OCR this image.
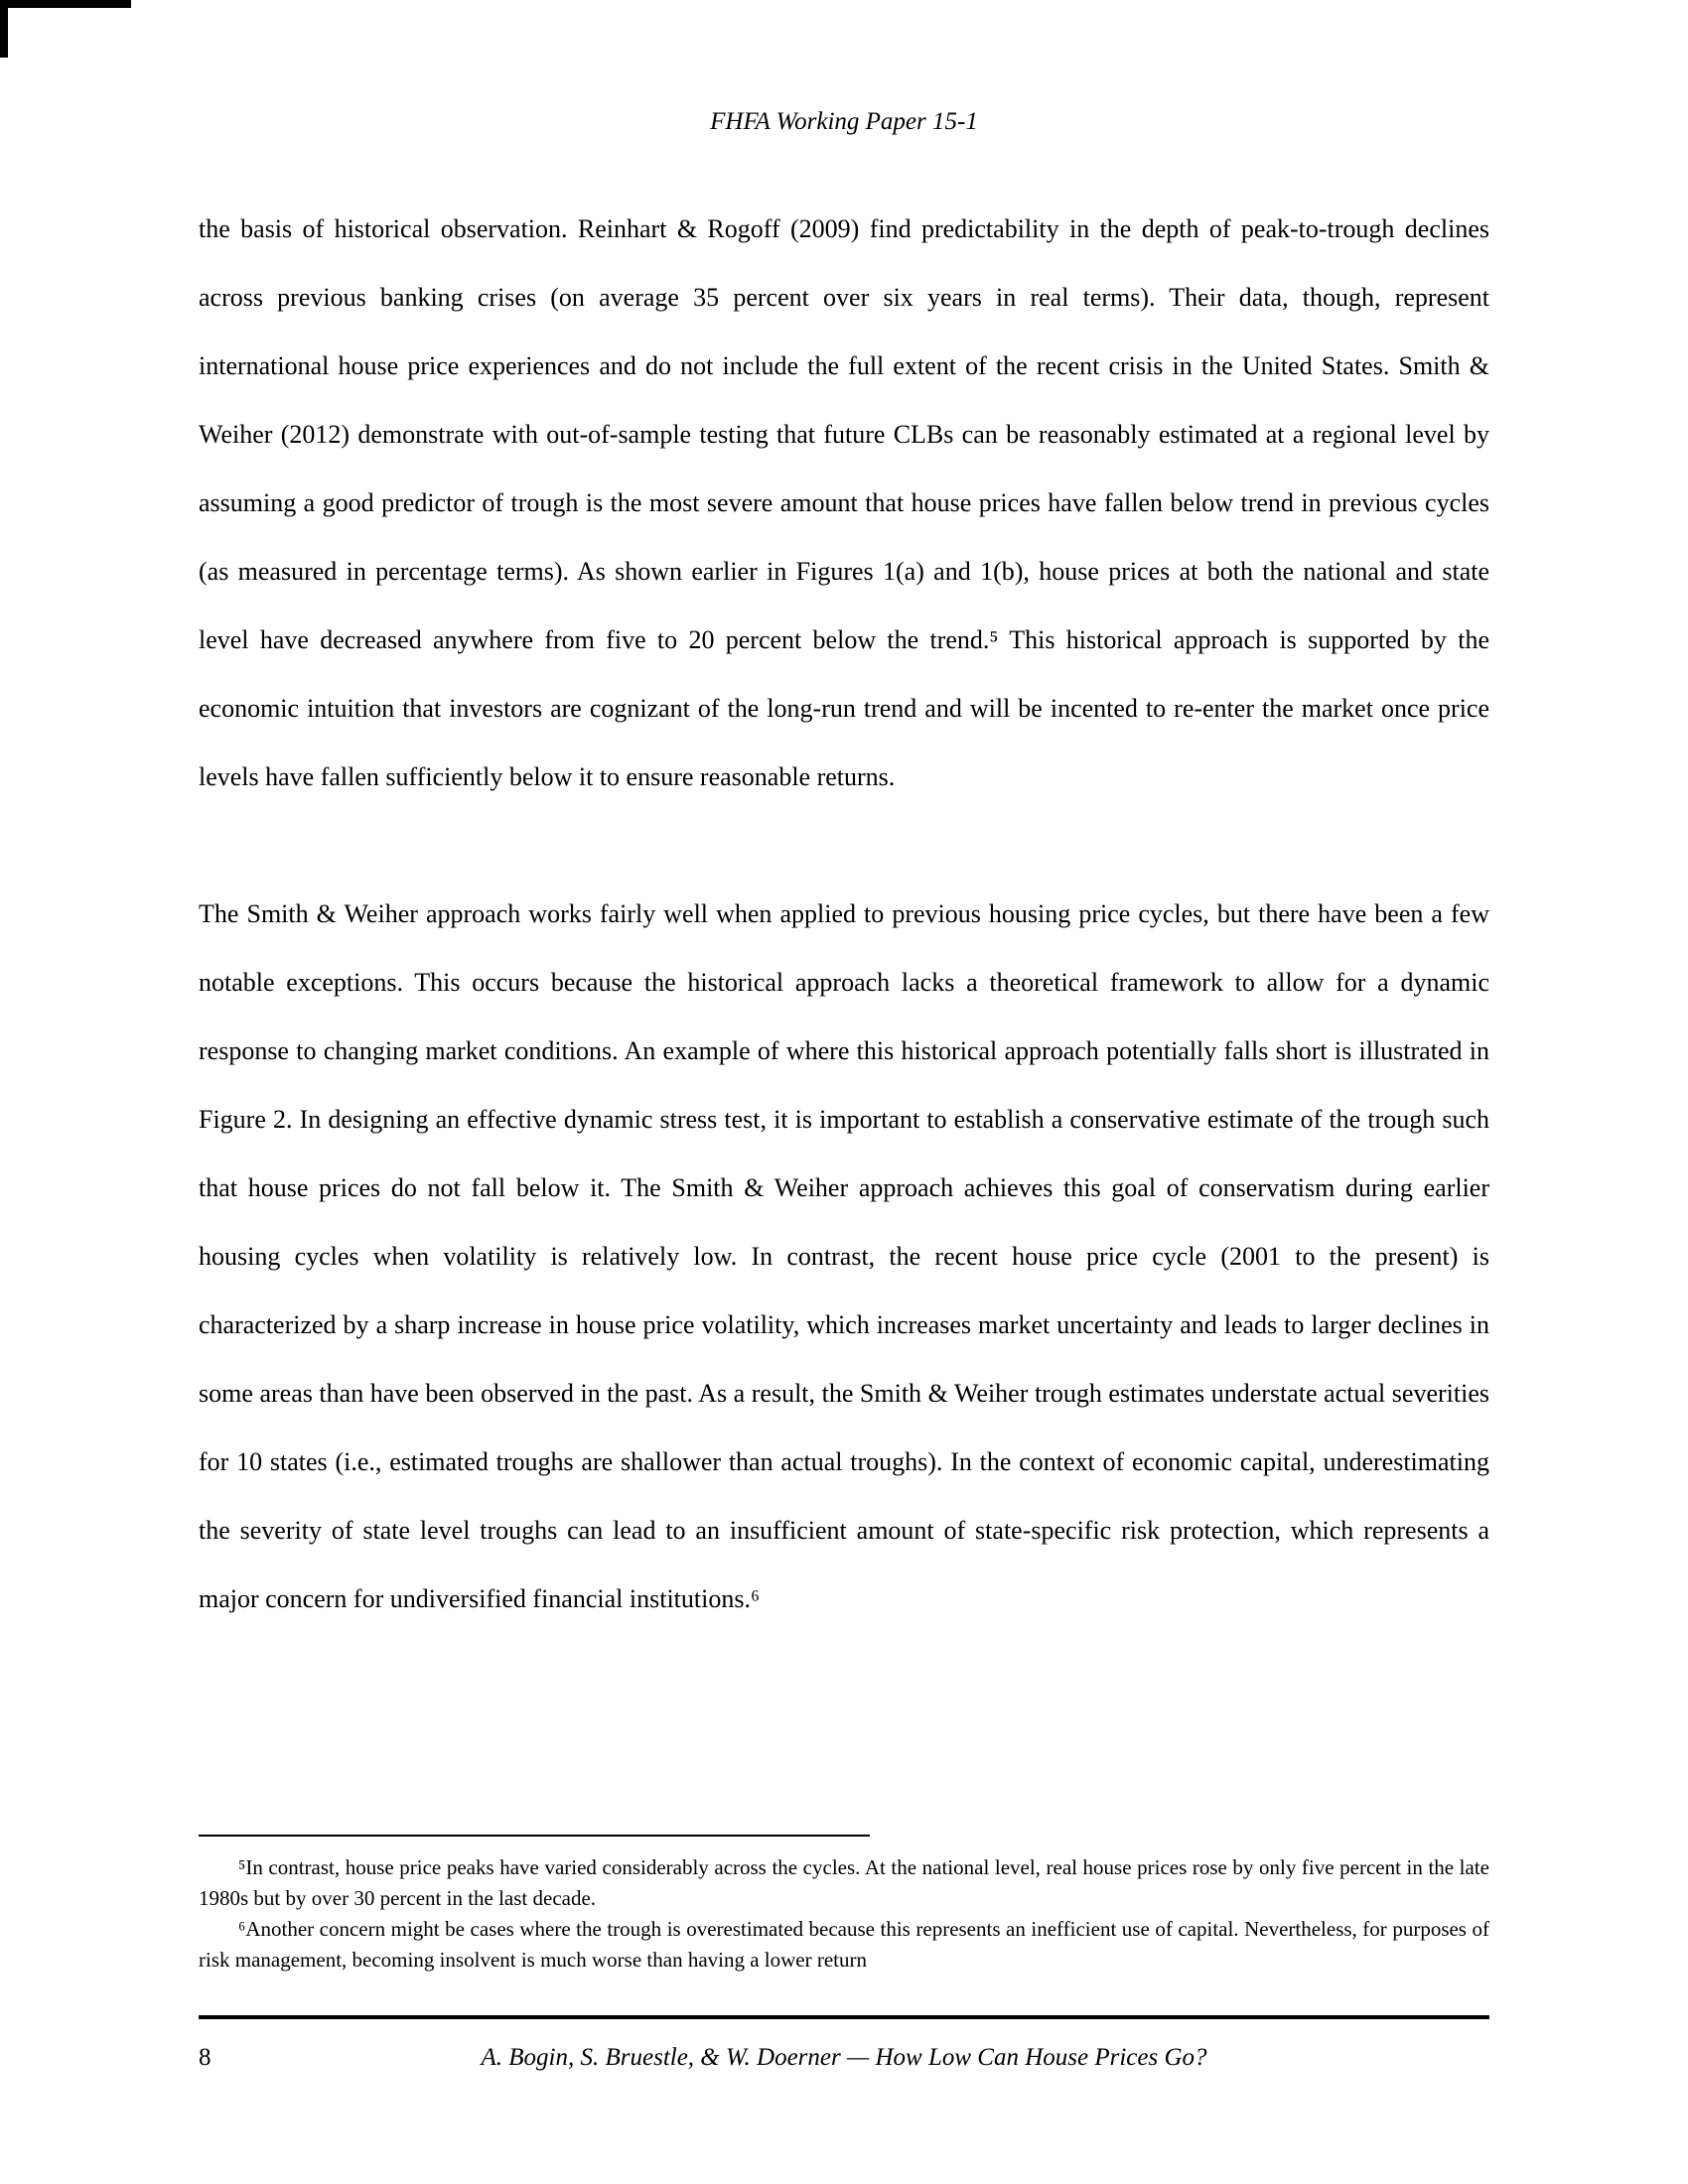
FHFA Working Paper 15-1

the basis of historical observation. Reinhart & Rogoff (2009) find predictability in the depth of peak-to-trough declines across previous banking crises (on average 35 percent over six years in real terms). Their data, though, represent international house price experiences and do not include the full extent of the recent crisis in the United States. Smith & Weiher (2012) demonstrate with out-of-sample testing that future CLBs can be reasonably estimated at a regional level by assuming a good predictor of trough is the most severe amount that house prices have fallen below trend in previous cycles (as measured in percentage terms). As shown earlier in Figures 1(a) and 1(b), house prices at both the national and state level have decreased anywhere from five to 20 percent below the trend.⁵ This historical approach is supported by the economic intuition that investors are cognizant of the long-run trend and will be incented to re-enter the market once price levels have fallen sufficiently below it to ensure reasonable returns.

The Smith & Weiher approach works fairly well when applied to previous housing price cycles, but there have been a few notable exceptions. This occurs because the historical approach lacks a theoretical framework to allow for a dynamic response to changing market conditions. An example of where this historical approach potentially falls short is illustrated in Figure 2. In designing an effective dynamic stress test, it is important to establish a conservative estimate of the trough such that house prices do not fall below it. The Smith & Weiher approach achieves this goal of conservatism during earlier housing cycles when volatility is relatively low. In contrast, the recent house price cycle (2001 to the present) is characterized by a sharp increase in house price volatility, which increases market uncertainty and leads to larger declines in some areas than have been observed in the past. As a result, the Smith & Weiher trough estimates understate actual severities for 10 states (i.e., estimated troughs are shallower than actual troughs). In the context of economic capital, underestimating the severity of state level troughs can lead to an insufficient amount of state-specific risk protection, which represents a major concern for undiversified financial institutions.⁶

⁵In contrast, house price peaks have varied considerably across the cycles. At the national level, real house prices rose by only five percent in the late 1980s but by over 30 percent in the last decade.

⁶Another concern might be cases where the trough is overestimated because this represents an inefficient use of capital. Nevertheless, for purposes of risk management, becoming insolvent is much worse than having a lower return

8	A. Bogin, S. Bruestle, & W. Doerner — How Low Can House Prices Go?
